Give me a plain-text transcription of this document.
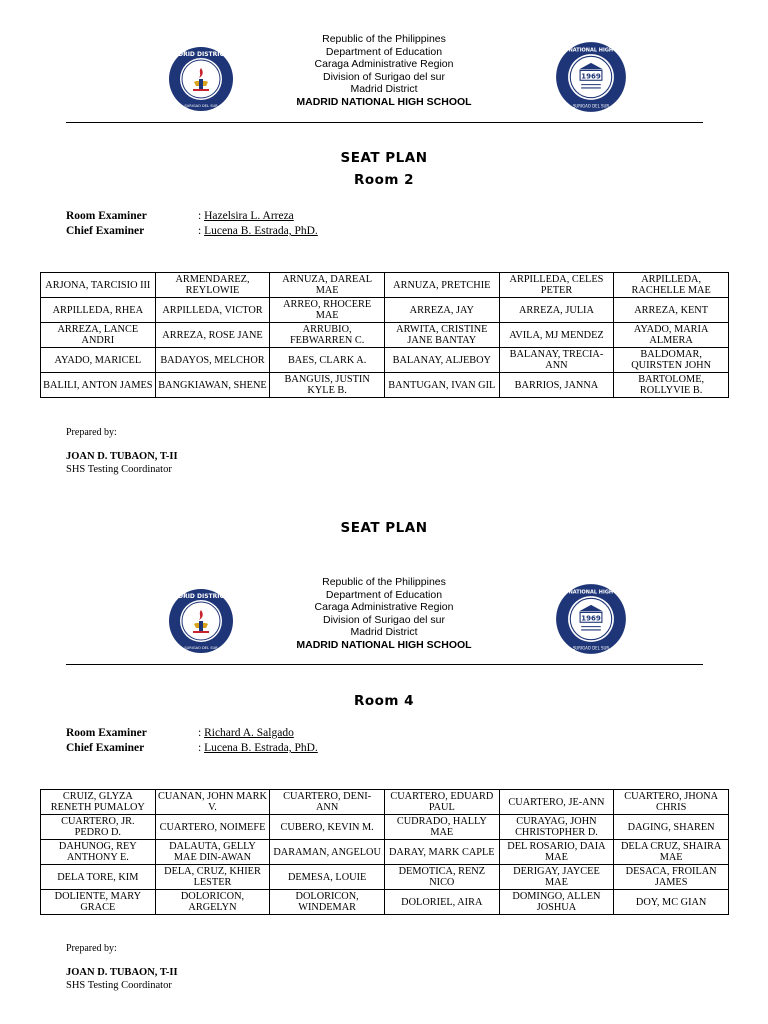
MADRID DISTRICT II
SURIGAO DEL SUR
Republic of the Philippines
Department of Education
Caraga Administrative Region
Division of Surigao del sur
Madrid District
MADRID NATIONAL HIGH SCHOOL
1969
MADRID NATIONAL HIGH SCHOOL
SURIGAO DEL SUR
SEAT PLAN
Room 2
Room Examiner	: Hazelsira L. Arreza
Chief Examiner	: Lucena B. Estrada, PhD.
ARJONA, TARCISIO III	ARMENDAREZ, REYLOWIE	ARNUZA, DAREAL MAE	ARNUZA, PRETCHIE	ARPILLEDA, CELES PETER	ARPILLEDA, RACHELLE MAE
ARPILLEDA, RHEA	ARPILLEDA, VICTOR	ARREO, RHOCERE MAE	ARREZA, JAY	ARREZA, JULIA	ARREZA, KENT
ARREZA, LANCE ANDRI	ARREZA, ROSE JANE	ARRUBIO, FEBWARREN C.	ARWITA, CRISTINE JANE BANTAY	AVILA, MJ MENDEZ	AYADO, MARIA ALMERA
AYADO, MARICEL	BADAYOS, MELCHOR	BAES, CLARK A.	BALANAY, ALJEBOY	BALANAY, TRECIA-ANN	BALDOMAR, QUIRSTEN JOHN
BALILI, ANTON JAMES	BANGKIAWAN, SHENE	BANGUIS, JUSTIN KYLE B.	BANTUGAN, IVAN GIL	BARRIOS, JANNA	BARTOLOME, ROLLYVIE B.
Prepared by:
JOAN D. TUBAON, T-II
SHS Testing Coordinator
SEAT PLAN
MADRID DISTRICT II
SURIGAO DEL SUR
Republic of the Philippines
Department of Education
Caraga Administrative Region
Division of Surigao del sur
Madrid District
MADRID NATIONAL HIGH SCHOOL
1969
MADRID NATIONAL HIGH SCHOOL
SURIGAO DEL SUR
Room 4
Room Examiner	: Richard A. Salgado
Chief Examiner	: Lucena B. Estrada, PhD.
CRUIZ, GLYZA RENETH PUMALOY	CUANAN, JOHN MARK V.	CUARTERO, DENI-ANN	CUARTERO, EDUARD PAUL	CUARTERO, JE-ANN	CUARTERO, JHONA CHRIS
CUARTERO, JR. PEDRO D.	CUARTERO, NOIMEFE	CUBERO, KEVIN M.	CUDRADO, HALLY MAE	CURAYAG, JOHN CHRISTOPHER D.	DAGING, SHAREN
DAHUNOG, REY ANTHONY E.	DALAUTA, GELLY MAE DIN-AWAN	DARAMAN, ANGELOU	DARAY, MARK CAPLE	DEL ROSARIO, DAIA MAE	DELA CRUZ, SHAIRA MAE
DELA TORE, KIM	DELA, CRUZ, KHIER LESTER	DEMESA, LOUIE	DEMOTICA, RENZ NICO	DERIGAY, JAYCEE MAE	DESACA, FROILAN JAMES
DOLIENTE, MARY GRACE	DOLORICON, ARGELYN	DOLORICON, WINDEMAR	DOLORIEL, AIRA	DOMINGO, ALLEN JOSHUA	DOY, MC GIAN
Prepared by:
JOAN D. TUBAON, T-II
SHS Testing Coordinator
